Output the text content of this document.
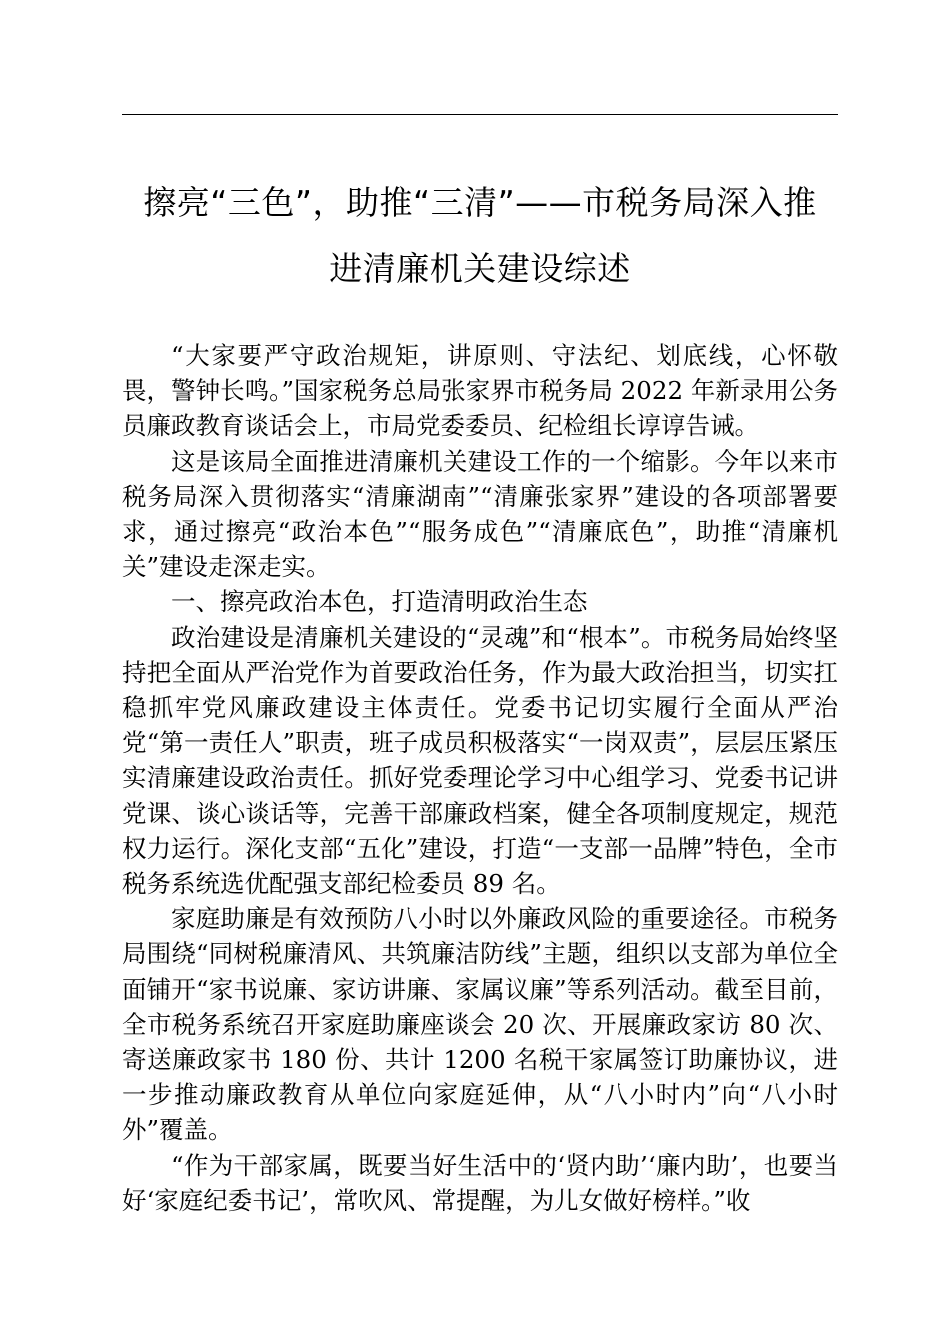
擦亮“三色”，助推“三清”——市税务局深入推
进清廉机关建设综述

“大家要严守政治规矩，讲原则、守法纪、划底线，心怀敬畏，警钟长鸣。”国家税务总局张家界市税务局 2022 年新录用公务员廉政教育谈话会上，市局党委委员、纪检组长谆谆告诫。

这是该局全面推进清廉机关建设工作的一个缩影。今年以来市税务局深入贯彻落实“清廉湖南”“清廉张家界”建设的各项部署要求，通过擦亮“政治本色”“服务成色”“清廉底色”，助推“清廉机关”建设走深走实。

一、擦亮政治本色，打造清明政治生态

政治建设是清廉机关建设的“灵魂”和“根本”。市税务局始终坚持把全面从严治党作为首要政治任务，作为最大政治担当，切实扛稳抓牢党风廉政建设主体责任。党委书记切实履行全面从严治党“第一责任人”职责，班子成员积极落实“一岗双责”，层层压紧压实清廉建设政治责任。抓好党委理论学习中心组学习、党委书记讲党课、谈心谈话等，完善干部廉政档案，健全各项制度规定，规范权力运行。深化支部“五化”建设，打造“一支部一品牌”特色，全市税务系统选优配强支部纪检委员 89 名。

家庭助廉是有效预防八小时以外廉政风险的重要途径。市税务局围绕“同树税廉清风、共筑廉洁防线”主题，组织以支部为单位全面铺开“家书说廉、家访讲廉、家属议廉”等系列活动。截至目前，全市税务系统召开家庭助廉座谈会 20 次、开展廉政家访 80 次、寄送廉政家书 180 份、共计 1200 名税干家属签订助廉协议，进一步推动廉政教育从单位向家庭延伸，从“八小时内”向“八小时外”覆盖。

“作为干部家属，既要当好生活中的‘贤内助’‘廉内助’，也要当好‘家庭纪委书记’，常吹风、常提醒，为儿女做好榜样。”收
